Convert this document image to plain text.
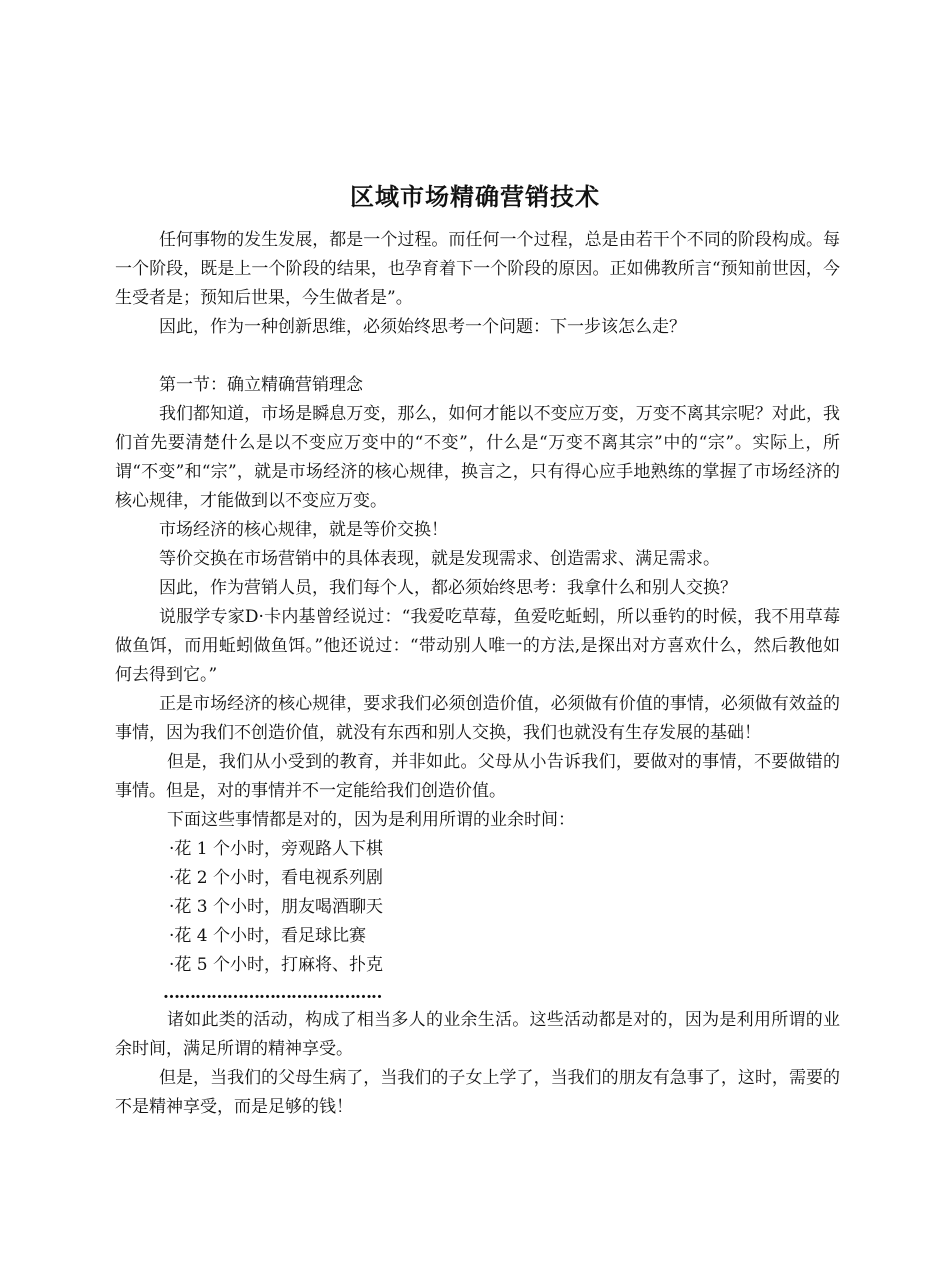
区域市场精确营销技术

任何事物的发生发展，都是一个过程。而任何一个过程，总是由若干个不同的阶段构成。每一个阶段，既是上一个阶段的结果，也孕育着下一个阶段的原因。正如佛教所言“预知前世因，今生受者是；预知后世果，今生做者是”。

因此，作为一种创新思维，必须始终思考一个问题：下一步该怎么走？

第一节：确立精确营销理念

我们都知道，市场是瞬息万变，那么，如何才能以不变应万变，万变不离其宗呢？对此，我们首先要清楚什么是以不变应万变中的“不变”，什么是“万变不离其宗”中的“宗”。实际上，所谓“不变”和“宗”，就是市场经济的核心规律，换言之，只有得心应手地熟练的掌握了市场经济的核心规律，才能做到以不变应万变。

市场经济的核心规律，就是等价交换！

等价交换在市场营销中的具体表现，就是发现需求、创造需求、满足需求。

因此，作为营销人员，我们每个人，都必须始终思考：我拿什么和别人交换？

说服学专家D·卡内基曾经说过：“我爱吃草莓，鱼爱吃蚯蚓，所以垂钓的时候，我不用草莓做鱼饵，而用蚯蚓做鱼饵。”他还说过：“带动别人唯一的方法,是探出对方喜欢什么，然后教他如何去得到它。”

正是市场经济的核心规律，要求我们必须创造价值，必须做有价值的事情，必须做有效益的事情，因为我们不创造价值，就没有东西和别人交换，我们也就没有生存发展的基础！

但是，我们从小受到的教育，并非如此。父母从小告诉我们，要做对的事情，不要做错的事情。但是，对的事情并不一定能给我们创造价值。

下面这些事情都是对的，因为是利用所谓的业余时间：

·花 1 个小时，旁观路人下棋

·花 2 个小时，看电视系列剧

·花 3 个小时，朋友喝酒聊天

·花 4 个小时，看足球比赛

·花 5 个小时，打麻将、扑克

…………………………………‥

诸如此类的活动，构成了相当多人的业余生活。这些活动都是对的，因为是利用所谓的业余时间，满足所谓的精神享受。

但是，当我们的父母生病了，当我们的子女上学了，当我们的朋友有急事了，这时，需要的不是精神享受，而是足够的钱！
